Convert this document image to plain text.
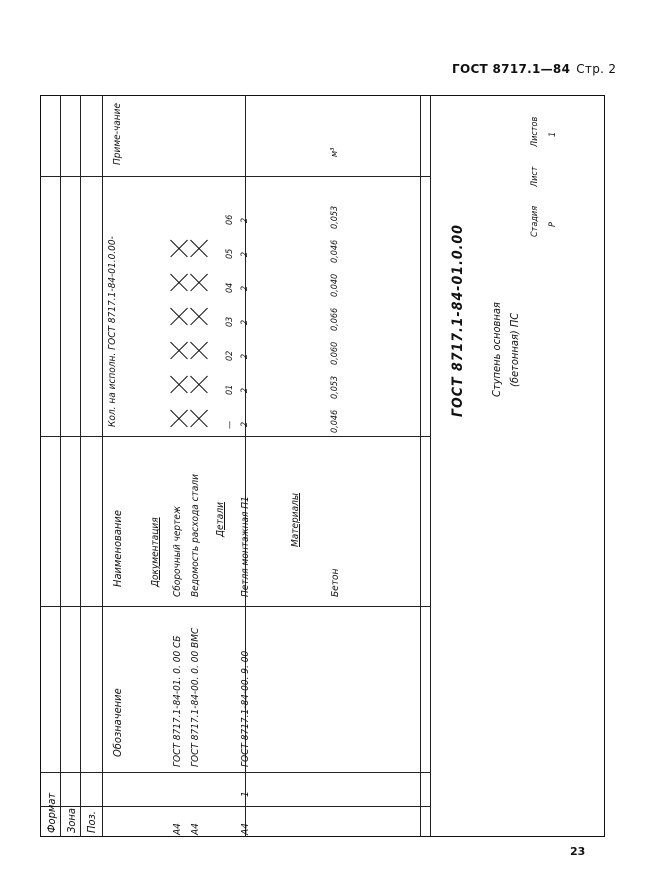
ГОСТ 8717.1—84 Стр. 2
Формат Зона Поз.
Обозначение
Наименование
Кол. на исполн. ГОСТ 8717.1-84-01.0.00-
Приме-чание
—
01
02
03
04
05
06
Документация
А4
ГОСТ 8717.1-84-01. 0. 00 СБ
Сборочный чертеж
А4
ГОСТ 8717.1-84-00. 0. 00 ВМС
Ведомость расхода стали Детали
А4
1
ГОСТ 8717.1-84-00. 9. 00
Петля монтажная П1
2
2
2
2
2
2
2
Материалы
Бетон
0,046
0,053
0,060
0,066
0,040
0,046
0,053
м³
ГОСТ 8717.1-84-01.0.00 Ступень основная (бетонная) ПС
Стадия
Лист
Листов
Р
1
23
